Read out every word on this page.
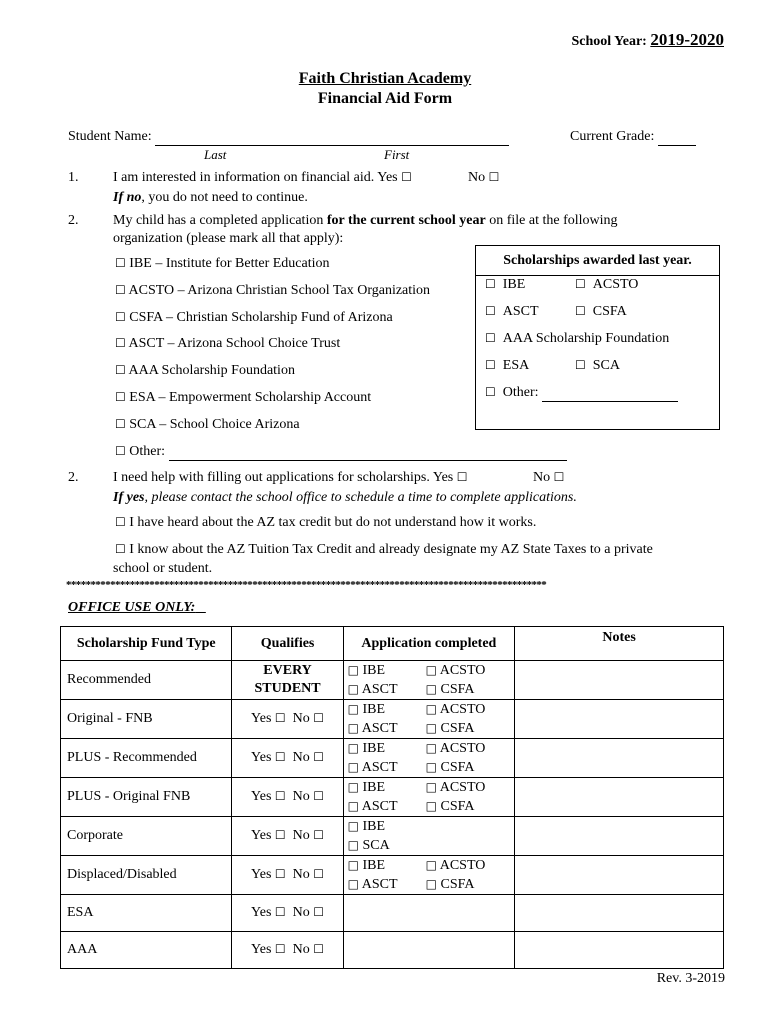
School Year: 2019-2020
Faith Christian Academy
Financial Aid Form
Student Name:
Last	First
Current Grade:
1. I am interested in information on financial aid. Yes ☐	No ☐
If no, you do not need to continue.
2. My child has a completed application for the current school year on file at the following
organization (please mark all that apply):
☐ IBE – Institute for Better Education
☐ ACSTO – Arizona Christian School Tax Organization
☐ CSFA – Christian Scholarship Fund of Arizona
☐ ASCT – Arizona School Choice Trust
☐ AAA Scholarship Foundation
☐ ESA – Empowerment Scholarship Account
☐ SCA – School Choice Arizona
☐ Other:
Scholarships awarded last year.
☐ IBE	☐ ACSTO
☐ ASCT	☐ CSFA
☐ AAA Scholarship Foundation
☐ ESA	☐ SCA
☐ Other:
2. I need help with filling out applications for scholarships. Yes ☐	No ☐
If yes, please contact the school office to schedule a time to complete applications.
☐ I have heard about the AZ tax credit but do not understand how it works.
☐ I know about the AZ Tuition Tax Credit and already designate my AZ State Taxes to a private
school or student.
**************************************************************************************************
OFFICE USE ONLY:
Scholarship Fund Type	Qualifies	Application completed	Notes
Recommended	EVERY STUDENT	□ IBE □ ACSTO
□ ASCT □ CSFA	

Original - FNB	Yes ☐ No ☐	□ IBE □ ACSTO
□ ASCT □ CSFA	

PLUS - Recommended	Yes ☐ No ☐	□ IBE □ ACSTO
□ ASCT □ CSFA	

PLUS - Original FNB	Yes ☐ No ☐	□ IBE □ ACSTO
□ ASCT □ CSFA	

Corporate	Yes ☐ No ☐	□ IBE
□ SCA	

Displaced/Disabled	Yes ☐ No ☐	□ IBE □ ACSTO
□ ASCT □ CSFA	

ESA	Yes ☐ No ☐		
AAA	Yes ☐ No ☐		
Rev. 3-2019
